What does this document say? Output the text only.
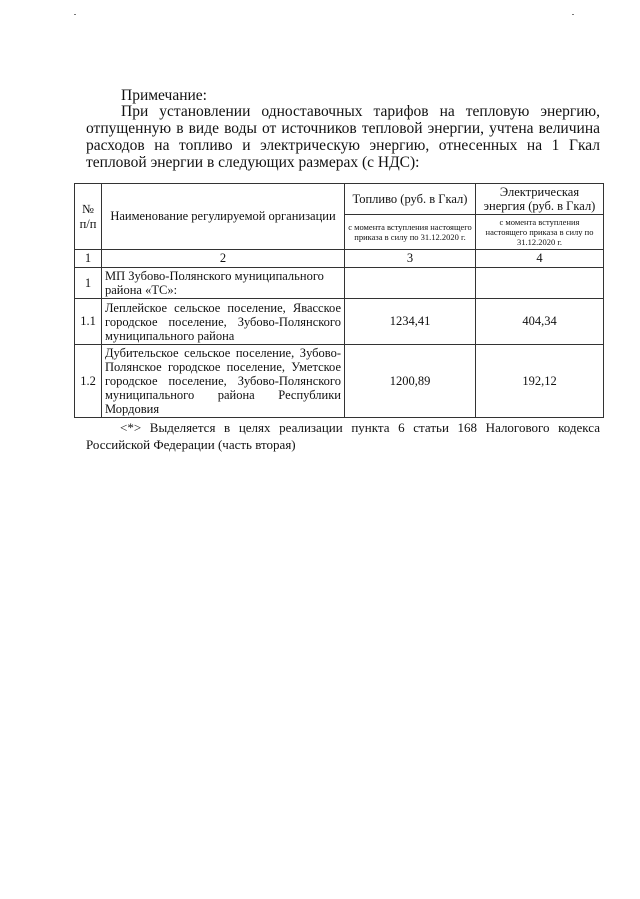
Примечание:
При установлении одноставочных тарифов на тепловую энергию, отпущенную в виде воды от источников тепловой энергии, учтена величина расходов на топливо и электрическую энергию, отнесенных на 1 Гкал тепловой энергии в следующих размерах (с НДС):
№ п/п	Наименование регулируемой организации	Топливо (руб. в Гкал)	Электрическая энергия (руб. в Гкал)
		с момента вступления настоящего приказа в силу по 31.12.2020 г.	с момента вступления настоящего приказа в силу по 31.12.2020 г.
1	2	3	4
1	МП Зубово-Полянского муниципального района «ТС»:		
1.1	Леплейское сельское поселение, Явасское городское поселение, Зубово-Полянского муниципального района	1234,41	404,34
1.2	Дубительское сельское поселение, Зубово-Полянское городское поселение, Уметское городское поселение, Зубово-Полянского муниципального района Республики Мордовия	1200,89	192,12
<*> Выделяется в целях реализации пункта 6 статьи 168 Налогового кодекса Российской Федерации (часть вторая)
